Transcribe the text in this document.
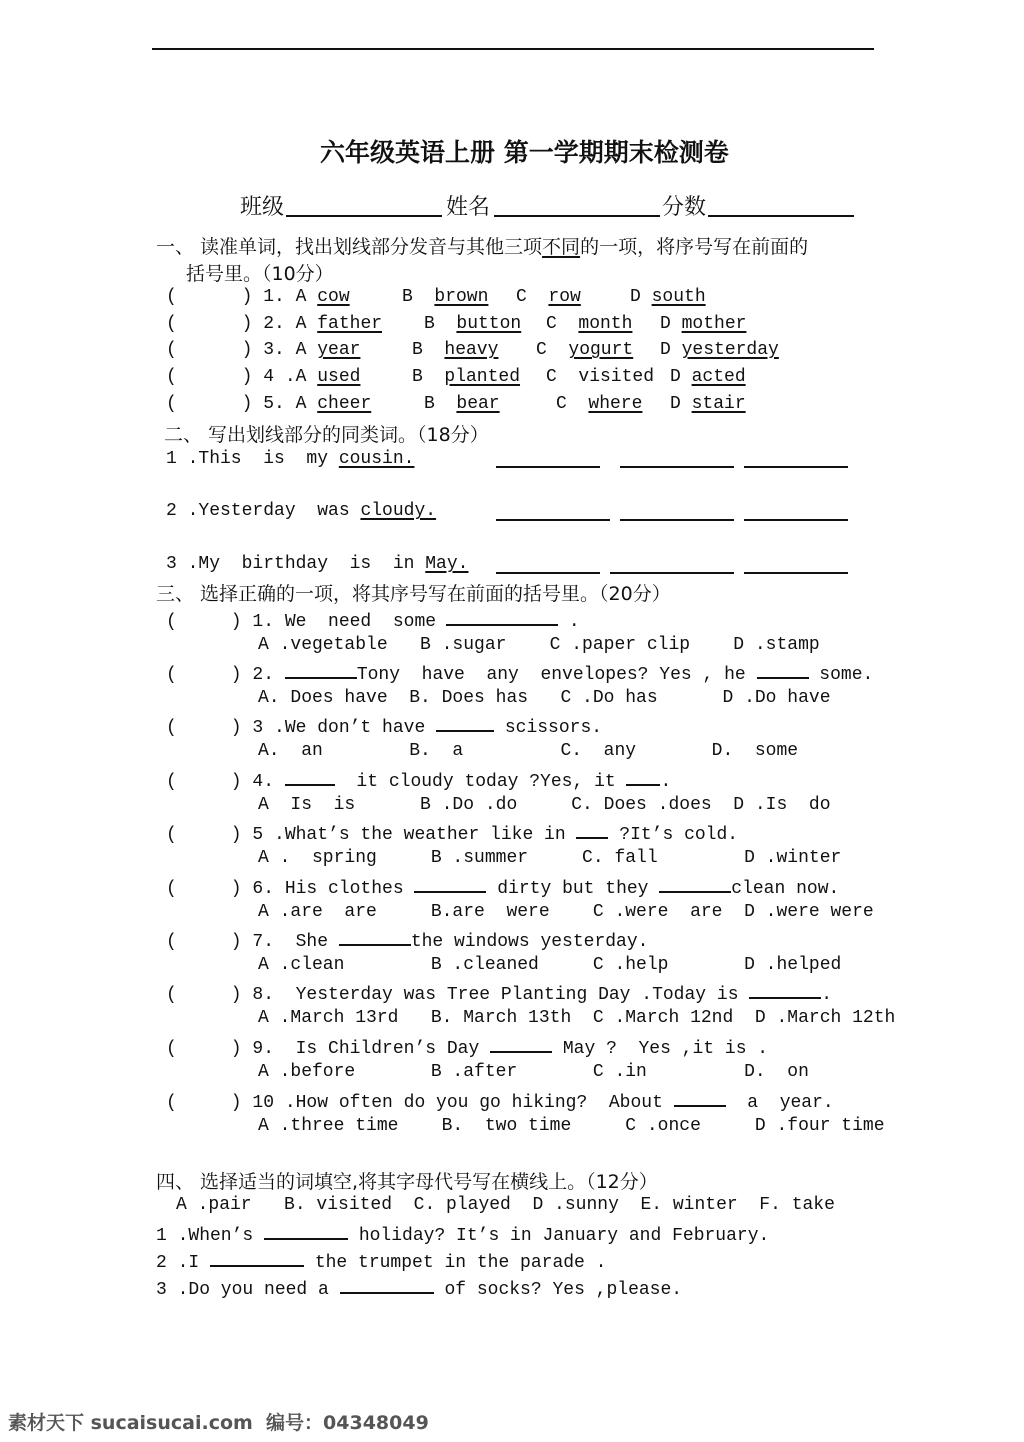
六年级英语上册 第一学期期末检测卷
班级	姓名	分数
一、 读准单词，找出划线部分发音与其他三项不同的一项，将序号写在前面的
括号里。（10分）
(      ) 1. A cow	B  brown C  row	D south
(      ) 2. A father B  button C  month D mother
(      ) 3. A year	B  heavy C  yogurt D yesterday
(      ) 4 .A used	B  planted C  visited D acted
(      ) 5. A cheer	B  bear	C  where D stair
二、 写出划线部分的同类词。（18分）
1 .This  is  my cousin.
2 .Yesterday  was cloudy.
3 .My  birthday  is  in May.
三、 选择正确的一项，将其序号写在前面的括号里。（20分）
(     ) 1. We  need  some	.
A .vegetable   B .sugar    C .paper clip    D .stamp
(     ) 2.	Tony  have  any  envelopes? Yes , he	some.
A. Does have  B. Does has   C .Do has      D .Do have
(     ) 3 .We don’t have	scissors.
A.  an        B.  a         C.  any       D.  some
(     ) 4.	it cloudy today ?Yes, it .
A  Is  is      B .Do .do     C. Does .does  D .Is  do
(     ) 5 .What’s the weather like in  ?It’s cold.
A .  spring     B .summer     C. fall        D .winter
(     ) 6. His clothes	dirty but they	clean now.
A .are  are     B.are  were    C .were  are  D .were were
(     ) 7.  She	the windows yesterday.
A .clean        B .cleaned     C .help       D .helped
(     ) 8.  Yesterday was Tree Planting Day .Today is	.
A .March 13rd   B. March 13th  C .March 12nd  D .March 12th
(     ) 9.  Is Children’s Day	May ?  Yes ,it is .
A .before       B .after       C .in         D.  on
(     ) 10 .How often do you go hiking?  About	a  year.
A .three time    B.  two time     C .once     D .four time
四、 选择适当的词填空,将其字母代号写在横线上。（12分）
A .pair   B. visited  C. played  D .sunny  E. winter  F. take
1 .When’s	holiday? It’s in January and February.
2 .I	the trumpet in the parade .
3 .Do you need a	of socks? Yes ,please.
素材天下 sucaisucai.com  编号：04348049
